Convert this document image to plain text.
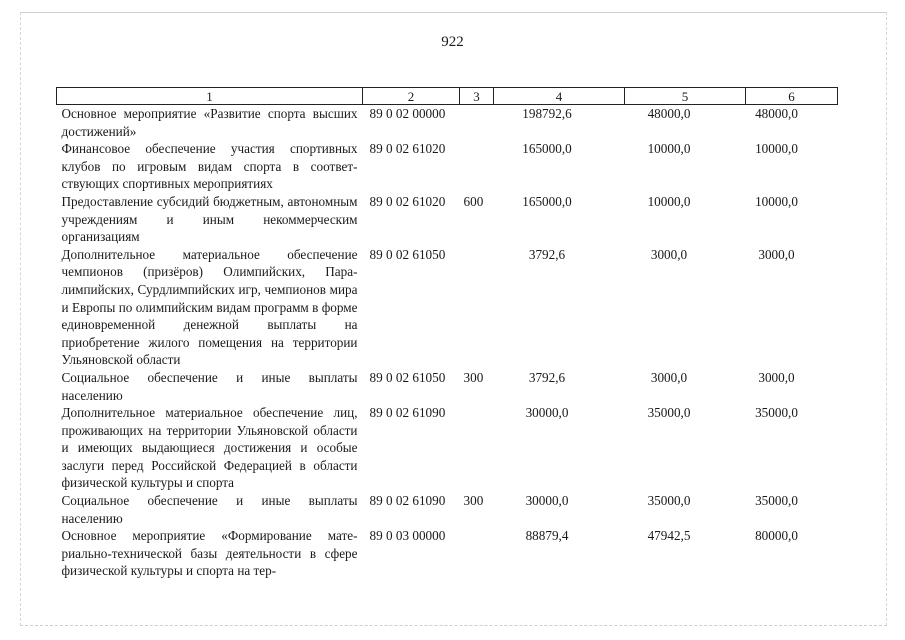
922
1	2	3	4	5	6
Основное мероприятие «Развитие спорта высших достижений»	89 0 02 00000		198792,6	48000,0	48000,0
Финансовое обеспечение участия спортивных клубов по игровым видам спорта в соответствующих спортивных мероприятиях	89 0 02 61020		165000,0	10000,0	10000,0
Предоставление субсидий бюджетным, автономным учреждениям и иным некоммерческим организациям	89 0 02 61020	600	165000,0	10000,0	10000,0
Дополнительное материальное обеспечение чемпионов (призёров) Олимпийских, Паралимпийских, Сурдлимпийских игр, чемпионов мира и Европы по олимпийским видам программ в форме единовременной денежной выплаты на приобретение жилого помещения на территории Ульяновской области	89 0 02 61050		3792,6	3000,0	3000,0
Социальное обеспечение и иные выплаты населению	89 0 02 61050	300	3792,6	3000,0	3000,0
Дополнительное материальное обеспечение лиц, проживающих на территории Ульяновской области и имеющих выдающиеся достижения и особые заслуги перед Российской Федерацией в области физической культуры и спорта	89 0 02 61090		30000,0	35000,0	35000,0
Социальное обеспечение и иные выплаты населению	89 0 02 61090	300	30000,0	35000,0	35000,0
Основное мероприятие «Формирование материально-технической базы деятельности в сфере физической культуры и спорта на тер-	89 0 03 00000		88879,4	47942,5	80000,0
